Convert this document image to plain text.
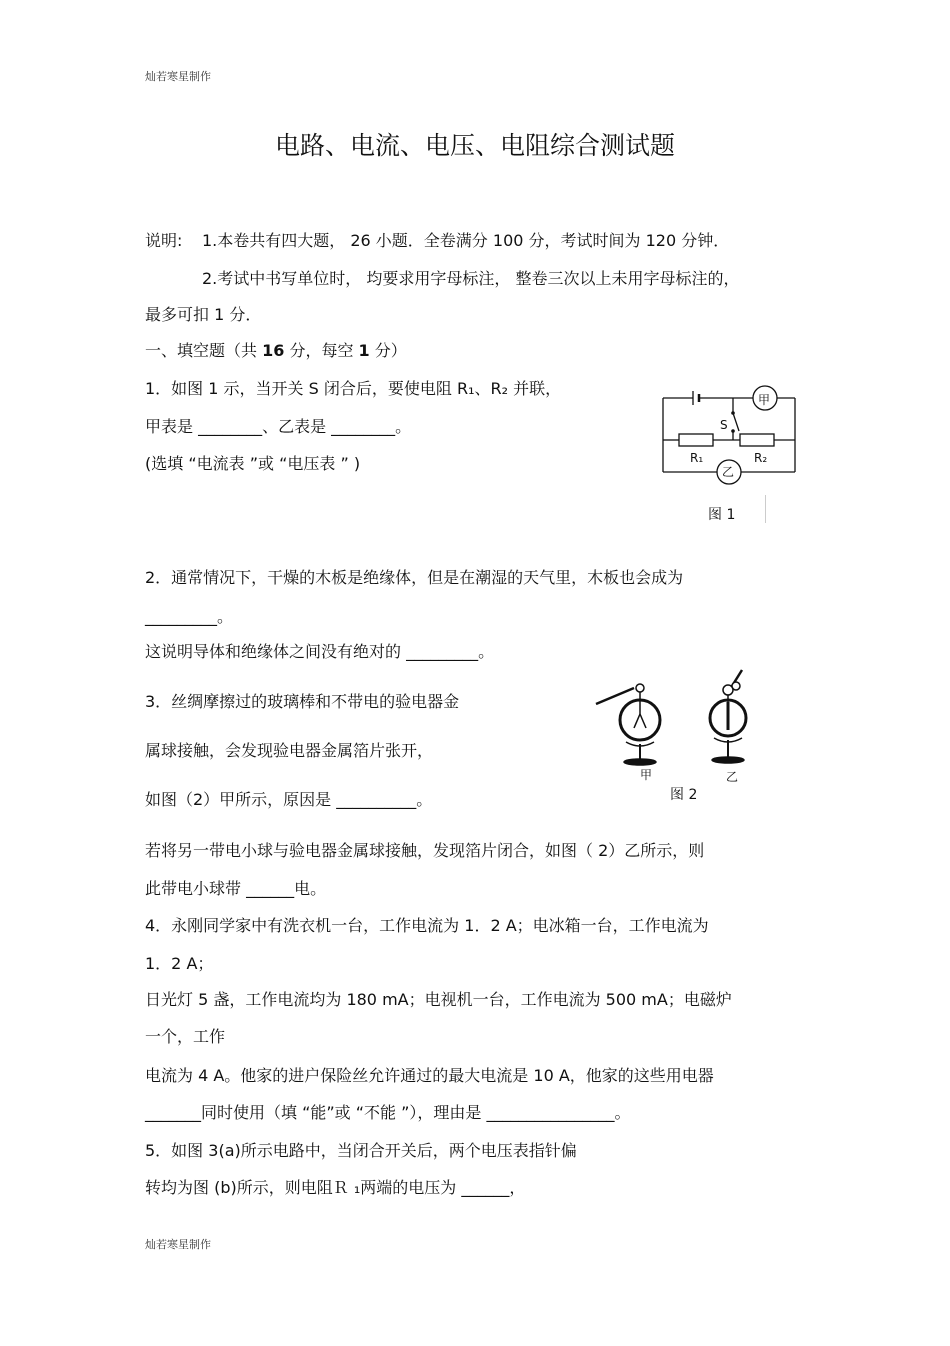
灿若寒星制作
灿若寒星制作
电路、电流、电压、电阻综合测试题
说明: 1.本卷共有四大题， 26 小题．全卷满分 100 分，考试时间为 120 分钟．
2.考试中书写单位时， 均要求用字母标注， 整卷三次以上未用字母标注的，
最多可扣 1 分．
一、填空题（共 16 分，每空 1 分）
1．如图 1 示，当开关 S 闭合后，要使电阻 R₁、R₂ 并联，
甲表是 ________、乙表是 ________。
(选填 “电流表 ”或 “电压表 ” )
甲
乙
S
R₁	R₂
图 1
2．通常情况下，干燥的木板是绝缘体，但是在潮湿的天气里，木板也会成为
_________。
这说明导体和绝缘体之间没有绝对的 _________。
3．丝绸摩擦过的玻璃棒和不带电的验电器金
属球接触，会发现验电器金属箔片张开，
如图（2）甲所示，原因是 __________。
若将另一带电小球与验电器金属球接触，发现箔片闭合，如图（ 2）乙所示，则
此带电小球带 ______电。
甲	乙
图 2
4．永刚同学家中有洗衣机一台，工作电流为 1．2 A；电冰箱一台，工作电流为
1．2 A；
日光灯 5 盏，工作电流均为 180 mA；电视机一台，工作电流为 500 mA；电磁炉
一个，工作
电流为 4 A。他家的进户保险丝允许通过的最大电流是 10 A，他家的这些用电器
_______同时使用（填 “能”或 “不能 ”），理由是 ________________。
5．如图 3(a)所示电路中，当闭合开关后，两个电压表指针偏
转均为图 (b)所示，则电阻Ｒ ₁两端的电压为 ______，
